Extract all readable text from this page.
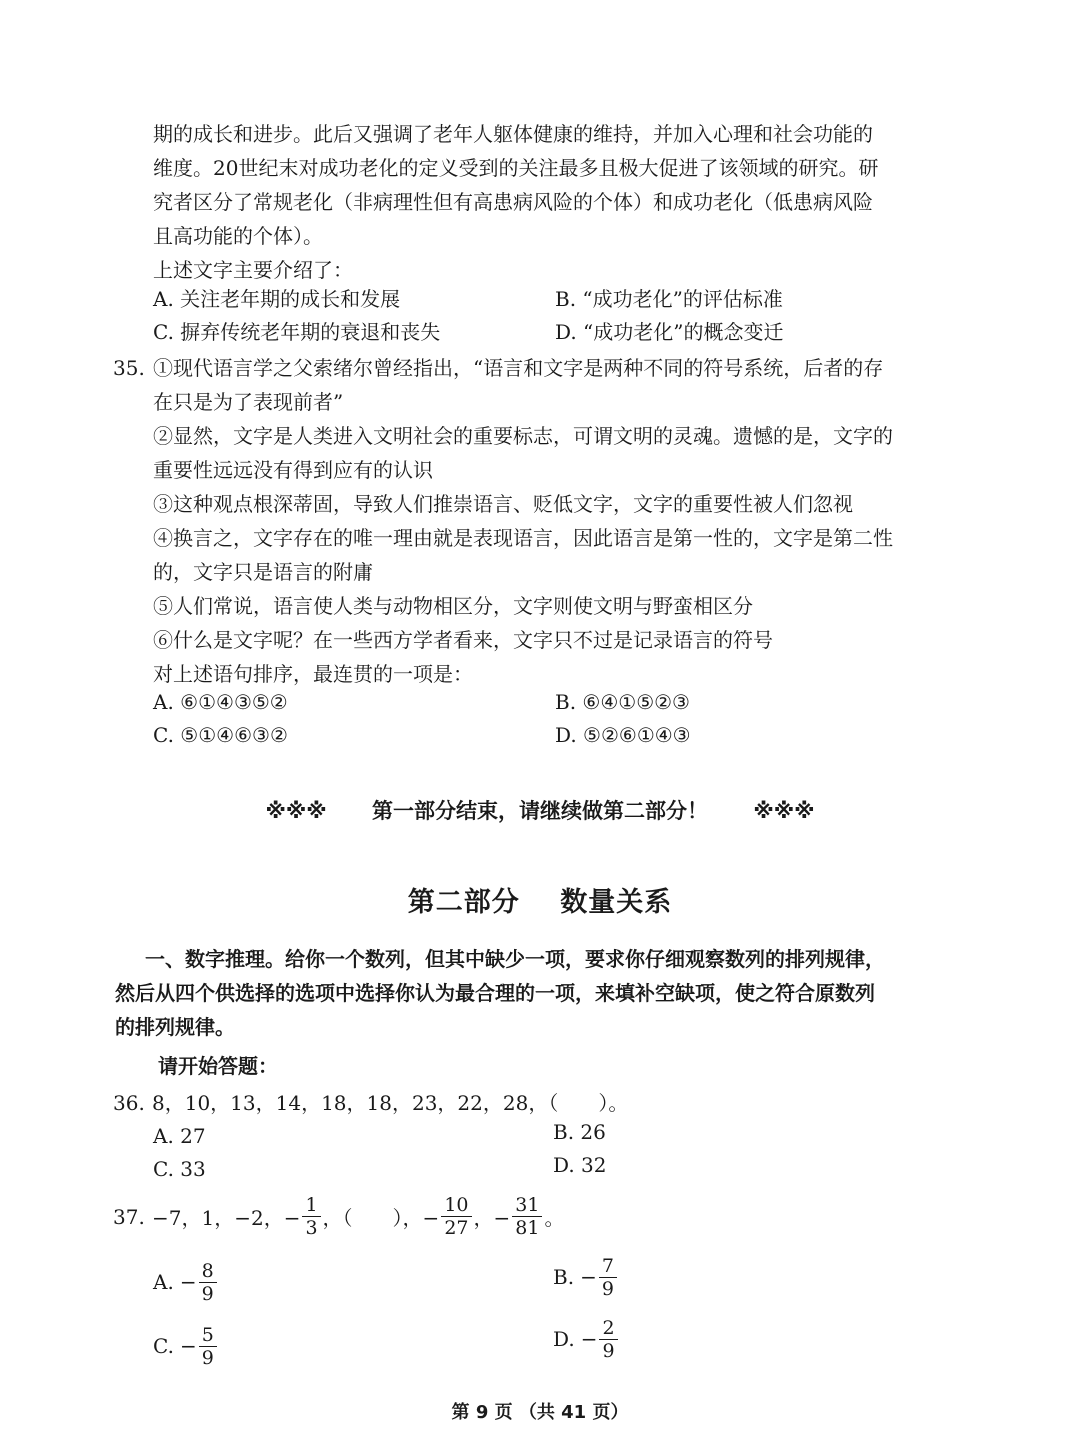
期的成长和进步。此后又强调了老年人躯体健康的维持，并加入心理和社会功能的
维度。20世纪末对成功老化的定义受到的关注最多且极大促进了该领域的研究。研
究者区分了常规老化（非病理性但有高患病风险的个体）和成功老化（低患病风险
且高功能的个体）。
上述文字主要介绍了：
A. 关注老年期的成长和发展	B. “成功老化”的评估标准
C. 摒弃传统老年期的衰退和丧失	D. “成功老化”的概念变迁
35. ①现代语言学之父索绪尔曾经指出，“语言和文字是两种不同的符号系统，后者的存
在只是为了表现前者”
②显然，文字是人类进入文明社会的重要标志，可谓文明的灵魂。遗憾的是，文字的
重要性远远没有得到应有的认识
③这种观点根深蒂固，导致人们推崇语言、贬低文字，文字的重要性被人们忽视
④换言之，文字存在的唯一理由就是表现语言，因此语言是第一性的，文字是第二性
的，文字只是语言的附庸
⑤人们常说，语言使人类与动物相区分，文字则使文明与野蛮相区分
⑥什么是文字呢？在一些西方学者看来，文字只不过是记录语言的符号
对上述语句排序，最连贯的一项是：
A. ⑥①④③⑤②	B. ⑥④①⑤②③
C. ⑤①④⑥③②	D. ⑤②⑥①④③
※※※ 第一部分结束，请继续做第二部分！ ※※※
第二部分 数量关系
一、数字推理。给你一个数列，但其中缺少一项，要求你仔细观察数列的排列规律，
然后从四个供选择的选项中选择你认为最合理的一项，来填补空缺项，使之符合原数列
的排列规律。
请开始答题：
36. 8，10，13，14，18，18，23，22，28，（　　）。
A. 27	B. 26
C. 33	D. 32
37. −7，1，−2，− $\frac{1}{3}$ ，（　　），− $\frac{10}{27}$ ，− $\frac{31}{81}$ 。
A. − $\frac{8}{9}$	B. − $\frac{7}{9}$
C. − $\frac{5}{9}$	D. − $\frac{2}{9}$
第 9 页 （共 41 页）
